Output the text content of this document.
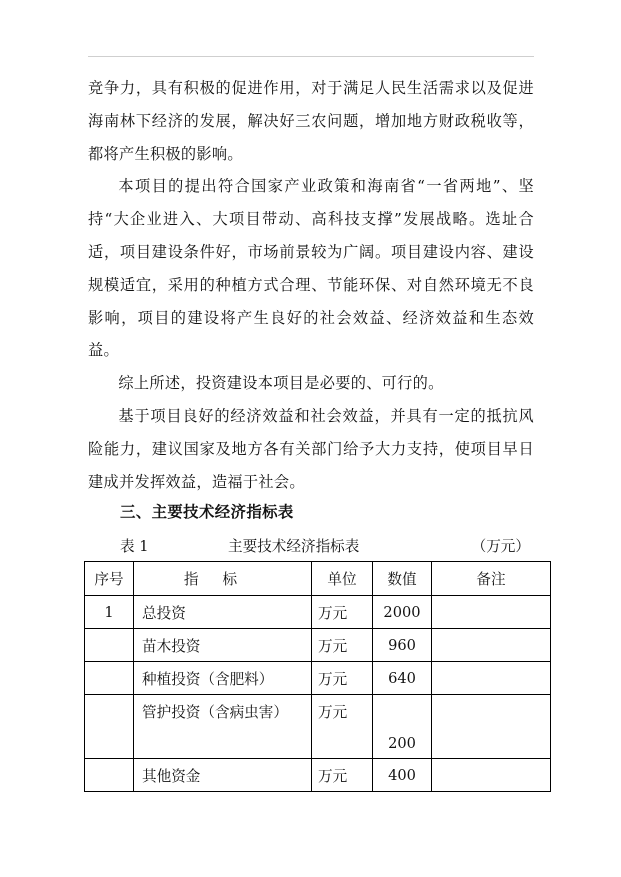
竞争力，具有积极的促进作用，对于满足人民生活需求以及促进海南林下经济的发展，解决好三农问题，增加地方财政税收等，都将产生积极的影响。

本项目的提出符合国家产业政策和海南省“一省两地”、坚持“大企业进入、大项目带动、高科技支撑”发展战略。选址合适，项目建设条件好，市场前景较为广阔。项目建设内容、建设规模适宜，采用的种植方式合理、节能环保、对自然环境无不良影响，项目的建设将产生良好的社会效益、经济效益和生态效益。

综上所述，投资建设本项目是必要的、可行的。

基于项目良好的经济效益和社会效益，并具有一定的抵抗风险能力，建议国家及地方各有关部门给予大力支持，使项目早日建成并发挥效益，造福于社会。

三、主要技术经济指标表
表 1	主要技术经济指标表	（万元）
序号	指标	单位	数值	备注
1	总投资	万元	2000	
	苗木投资	万元	960	
	种植投资（含肥料）	万元	640	
	管护投资（含病虫害）	万元	200	
	其他资金	万元	400	
